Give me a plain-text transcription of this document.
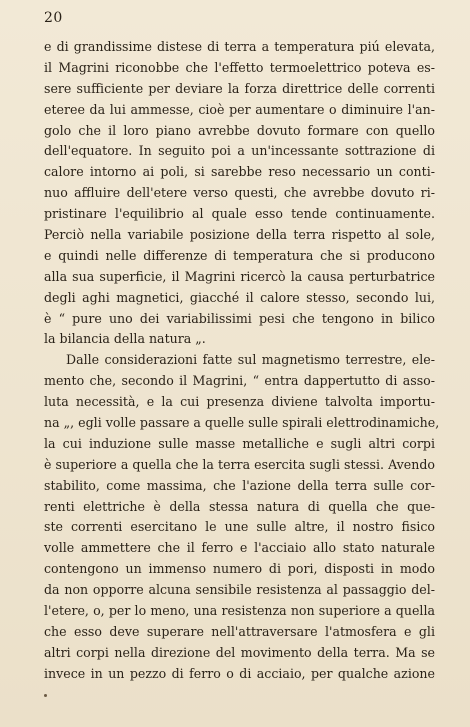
20
e di grandissime distese di terra a temperatura piú elevata,
il Magrini riconobbe che l'effetto termoelettrico poteva es-
sere sufficiente per deviare la forza direttrice delle correnti
eteree da lui ammesse, cioè per aumentare o diminuire l'an-
golo che il loro piano avrebbe dovuto formare con quello
dell'equatore. In seguito poi a un'incessante sottrazione di
calore intorno ai poli, si sarebbe reso necessario un conti-
nuo affluire dell'etere verso questi, che avrebbe dovuto ri-
pristinare l'equilibrio al quale esso tende continuamente.
Perciò nella variabile posizione della terra rispetto al sole,
e quindi nelle differenze di temperatura che si producono
alla sua superficie, il Magrini ricercò la causa perturbatrice
degli aghi magnetici, giacché il calore stesso, secondo lui,
è “ pure uno dei variabilissimi pesi che tengono in bilico
la bilancia della natura „.
Dalle considerazioni fatte sul magnetismo terrestre, ele-
mento che, secondo il Magrini, “ entra dappertutto di asso-
luta necessità, e la cui presenza diviene talvolta importu-
na „, egli volle passare a quelle sulle spirali elettrodinamiche,
la cui induzione sulle masse metalliche e sugli altri corpi
è superiore a quella che la terra esercita sugli stessi. Avendo
stabilito, come massima, che l'azione della terra sulle cor-
renti elettriche è della stessa natura di quella che que-
ste correnti esercitano le une sulle altre, il nostro fisico
volle ammettere che il ferro e l'acciaio allo stato naturale
contengono un immenso numero di pori, disposti in modo
da non opporre alcuna sensibile resistenza al passaggio del-
l'etere, o, per lo meno, una resistenza non superiore a quella
che esso deve superare nell'attraversare l'atmosfera e gli
altri corpi nella direzione del movimento della terra. Ma se
invece in un pezzo di ferro o di acciaio, per qualche azione
